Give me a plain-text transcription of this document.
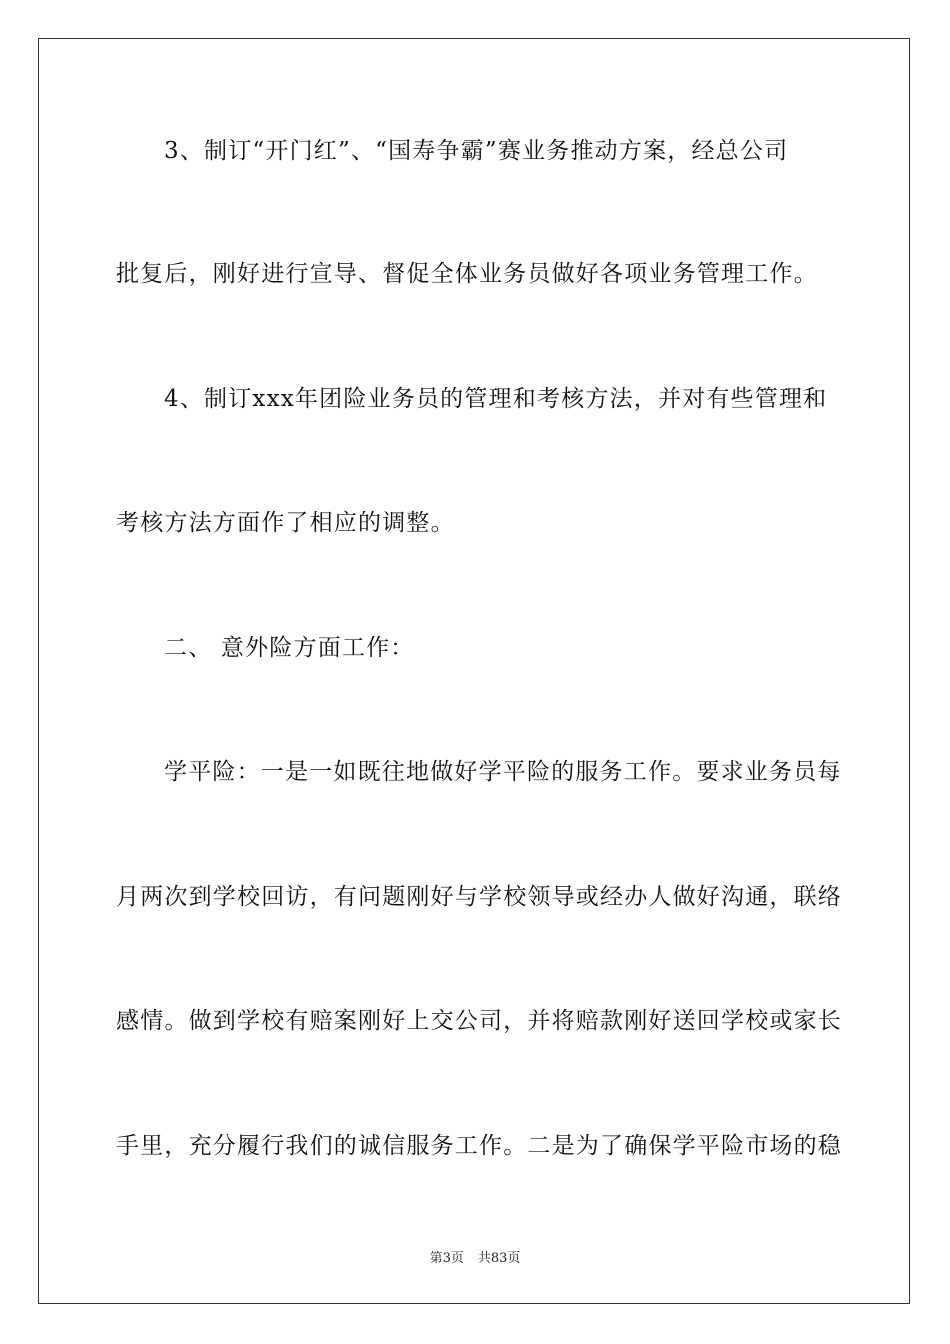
3、制订“开门红”、“国寿争霸”赛业务推动方案，经总公司
批复后，刚好进行宣导、督促全体业务员做好各项业务管理工作。
4、制订xxx年团险业务员的管理和考核方法，并对有些管理和
考核方法方面作了相应的调整。
二、 意外险方面工作：
学平险：一是一如既往地做好学平险的服务工作。要求业务员每
月两次到学校回访，有问题刚好与学校领导或经办人做好沟通，联络
感情。做到学校有赔案刚好上交公司，并将赔款刚好送回学校或家长
手里，充分履行我们的诚信服务工作。二是为了确保学平险市场的稳
第3页 共83页
